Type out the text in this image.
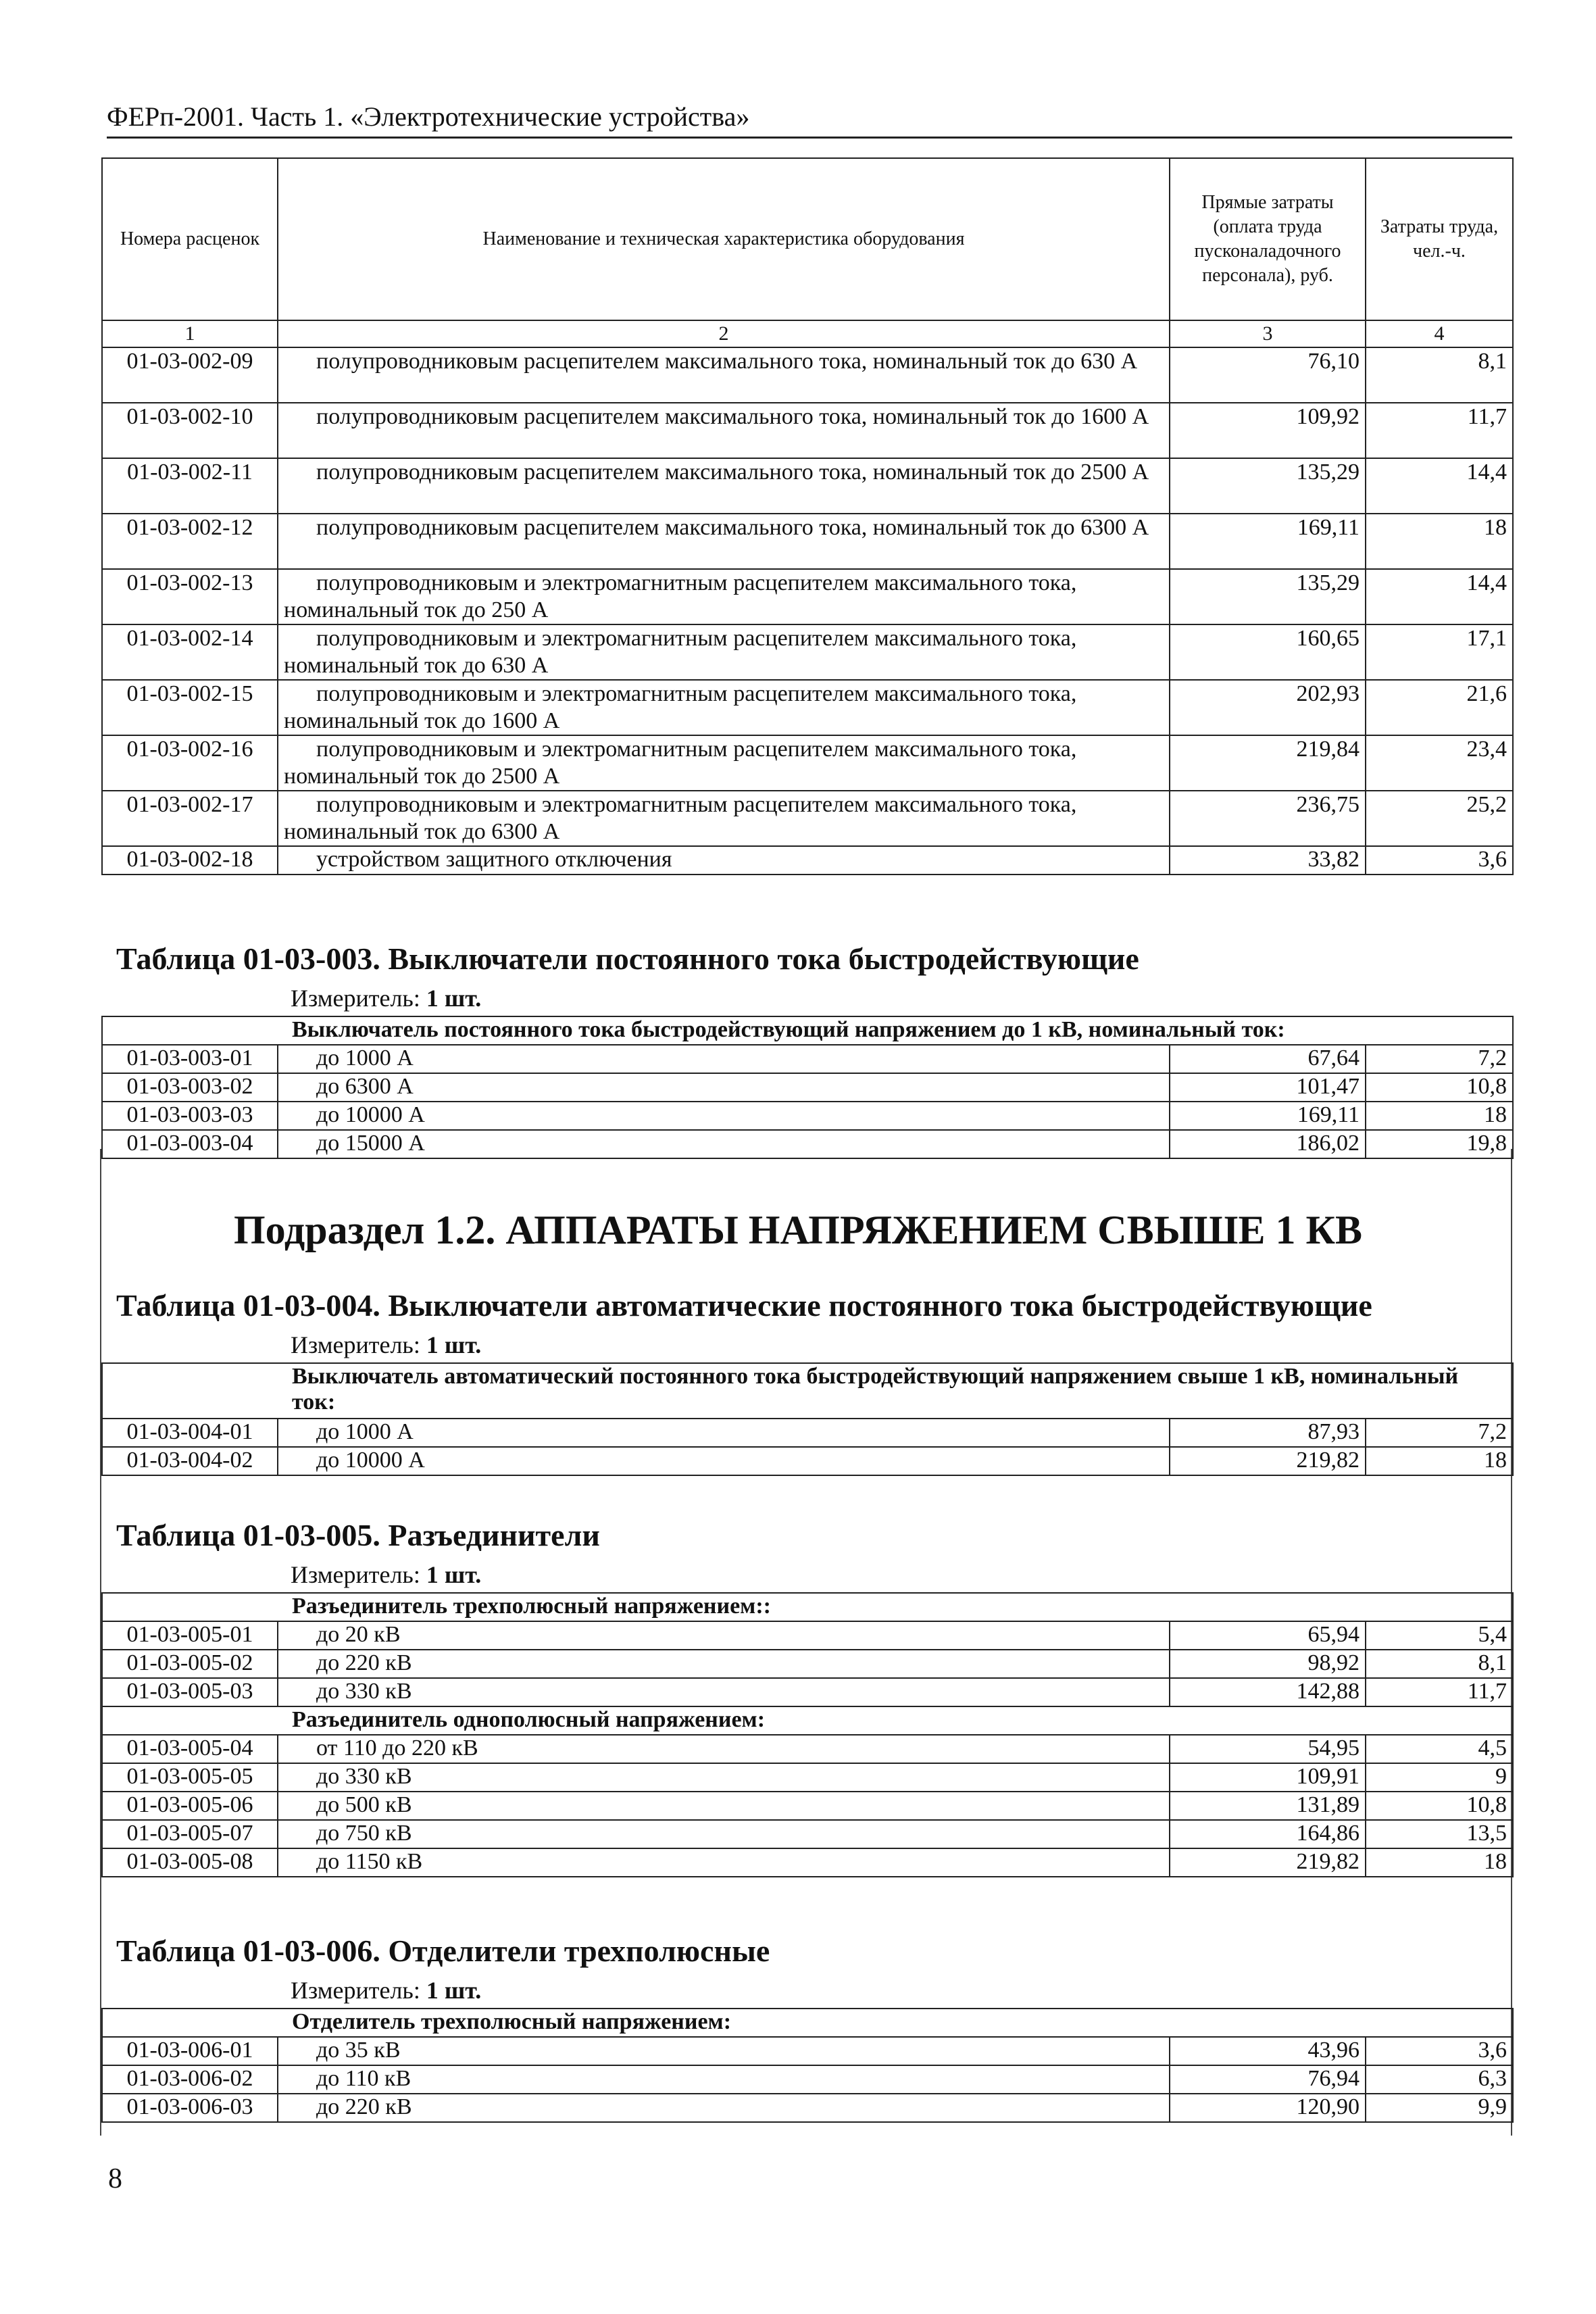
ФЕРп-2001. Часть 1. «Электротехнические устройства»
Номера расценок	Наименование и техническая характеристика оборудования	Прямые затраты (оплата труда пусконаладочного персонала), руб.	Затраты труда, чел.-ч.
1	2	3	4
01-03-002-09	полупроводниковым расцепителем максимального тока, номинальный ток до 630 А	76,10	8,1
01-03-002-10	полупроводниковым расцепителем максимального тока, номинальный ток до 1600 А	109,92	11,7
01-03-002-11	полупроводниковым расцепителем максимального тока, номинальный ток до 2500 А	135,29	14,4
01-03-002-12	полупроводниковым расцепителем максимального тока, номинальный ток до 6300 А	169,11	18
01-03-002-13	полупроводниковым и электромагнитным расцепителем максимального тока, номинальный ток до 250 А	135,29	14,4
01-03-002-14	полупроводниковым и электромагнитным расцепителем максимального тока, номинальный ток до 630 А	160,65	17,1
01-03-002-15	полупроводниковым и электромагнитным расцепителем максимального тока, номинальный ток до 1600 А	202,93	21,6
01-03-002-16	полупроводниковым и электромагнитным расцепителем максимального тока, номинальный ток до 2500 А	219,84	23,4
01-03-002-17	полупроводниковым и электромагнитным расцепителем максимального тока, номинальный ток до 6300 А	236,75	25,2
01-03-002-18	устройством защитного отключения	33,82	3,6
Таблица 01-03-003. Выключатели постоянного тока быстродействующие
Измеритель: 1 шт.
Выключатель постоянного тока быстродействующий напряжением до 1 кВ, номинальный ток:			
01-03-003-01	до 1000 А	67,64	7,2
01-03-003-02	до 6300 А	101,47	10,8
01-03-003-03	до 10000 А	169,11	18
01-03-003-04	до 15000 А	186,02	19,8
Подраздел 1.2. АППАРАТЫ НАПРЯЖЕНИЕМ СВЫШЕ 1 КВ
Таблица 01-03-004. Выключатели автоматические постоянного тока быстродействующие
Измеритель: 1 шт.
Выключатель автоматический постоянного тока быстродействующий напряжением свыше 1 кВ, номинальный ток:			
01-03-004-01	до 1000 А	87,93	7,2
01-03-004-02	до 10000 А	219,82	18
Таблица 01-03-005. Разъединители
Измеритель: 1 шт.
Разъединитель трехполюсный напряжением::			
01-03-005-01	до 20 кВ	65,94	5,4
01-03-005-02	до 220 кВ	98,92	8,1
01-03-005-03	до 330 кВ	142,88	11,7
Разъединитель однополюсный напряжением:			
01-03-005-04	от 110 до 220 кВ	54,95	4,5
01-03-005-05	до 330 кВ	109,91	9
01-03-005-06	до 500 кВ	131,89	10,8
01-03-005-07	до 750 кВ	164,86	13,5
01-03-005-08	до 1150 кВ	219,82	18
Таблица 01-03-006. Отделители трехполюсные
Измеритель: 1 шт.
Отделитель трехполюсный напряжением:			
01-03-006-01	до 35 кВ	43,96	3,6
01-03-006-02	до 110 кВ	76,94	6,3
01-03-006-03	до 220 кВ	120,90	9,9
8
